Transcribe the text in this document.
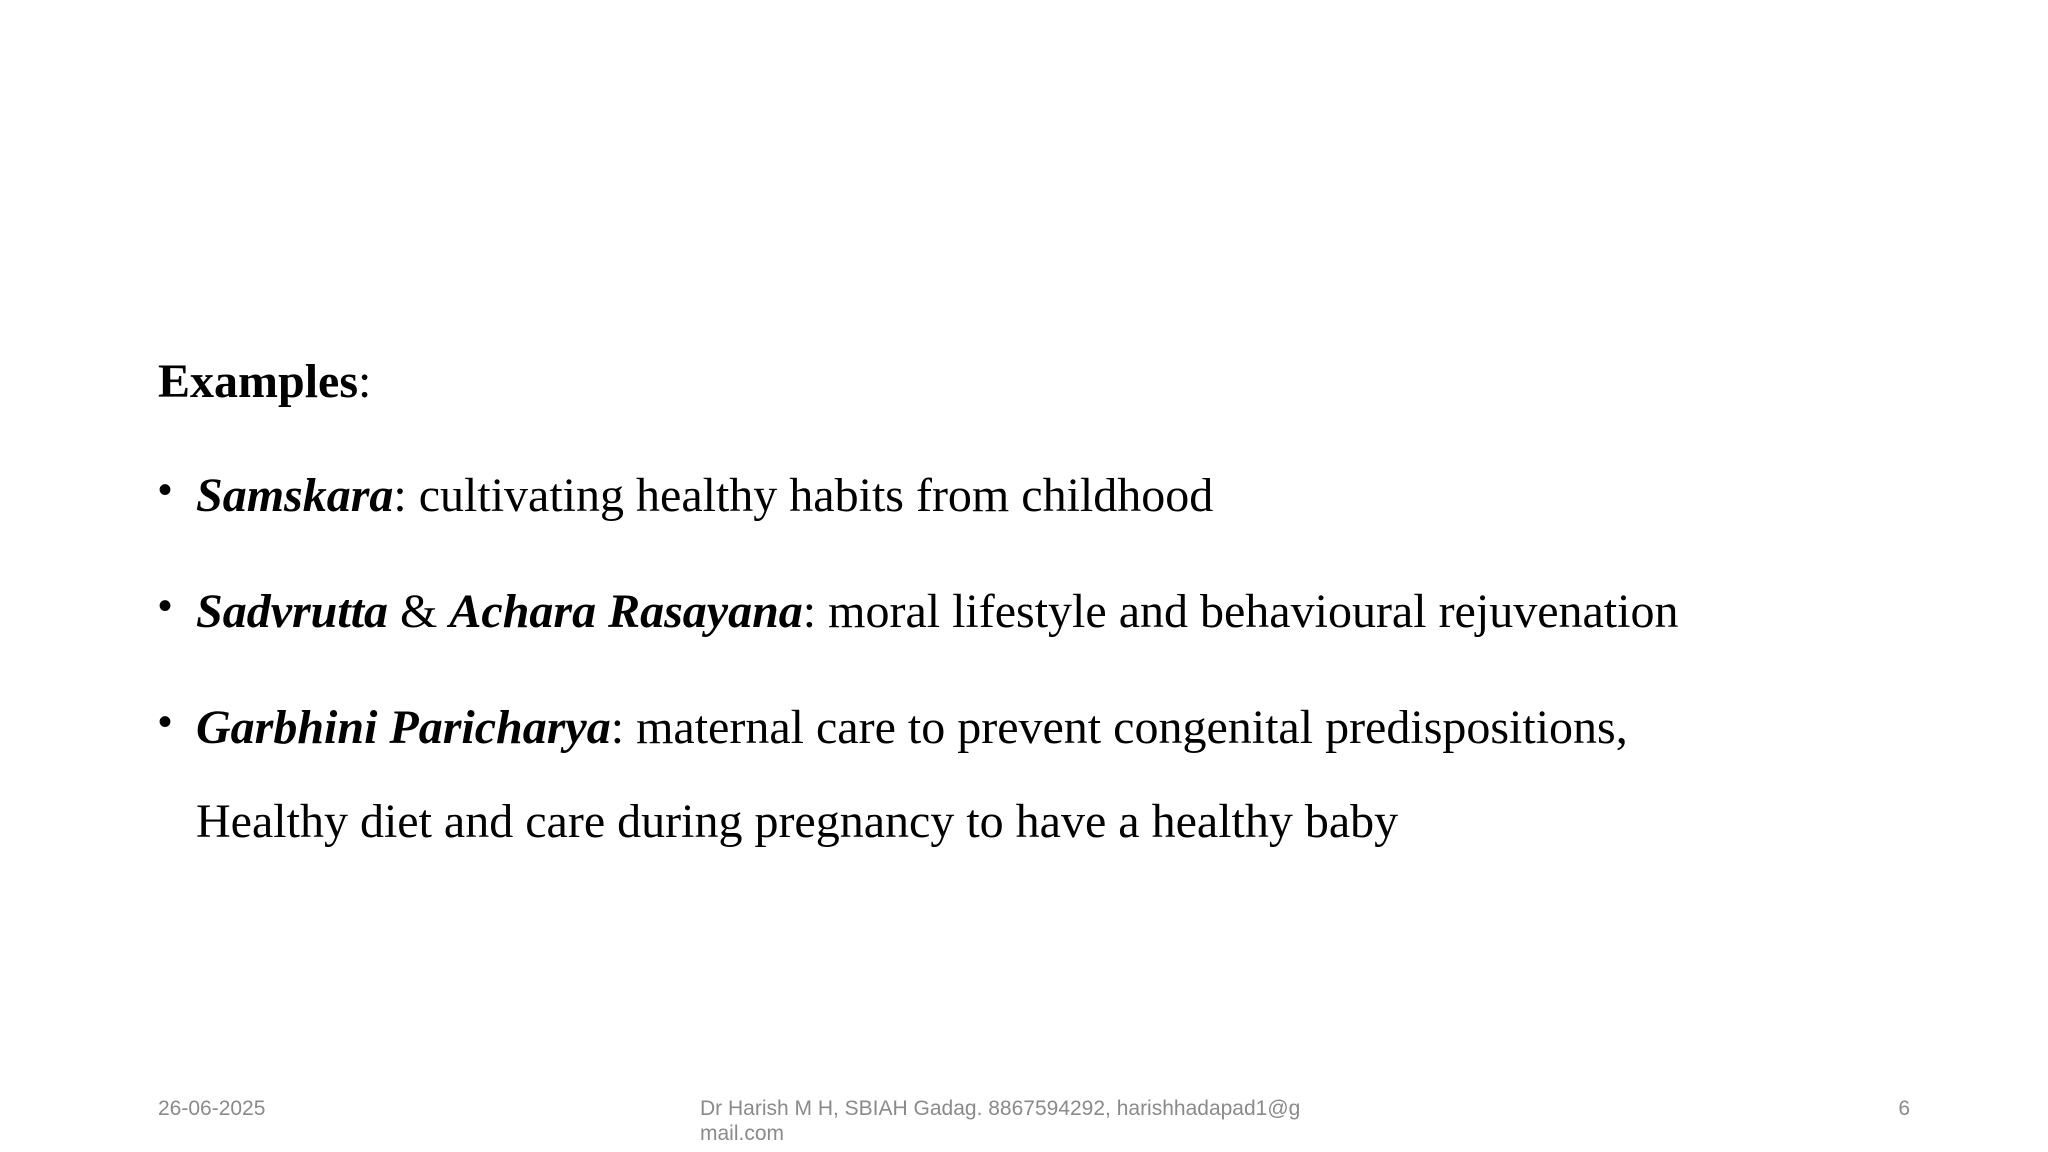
Examples:
• Samskara: cultivating healthy habits from childhood
• Sadvrutta & Achara Rasayana: moral lifestyle and behavioural rejuvenation
• Garbhini Paricharya: maternal care to prevent congenital predispositions,
Healthy diet and care during pregnancy to have a healthy baby
26-06-2025	Dr Harish M H, SBIAH Gadag. 8867594292, harishhadapad1@g
mail.com
6
